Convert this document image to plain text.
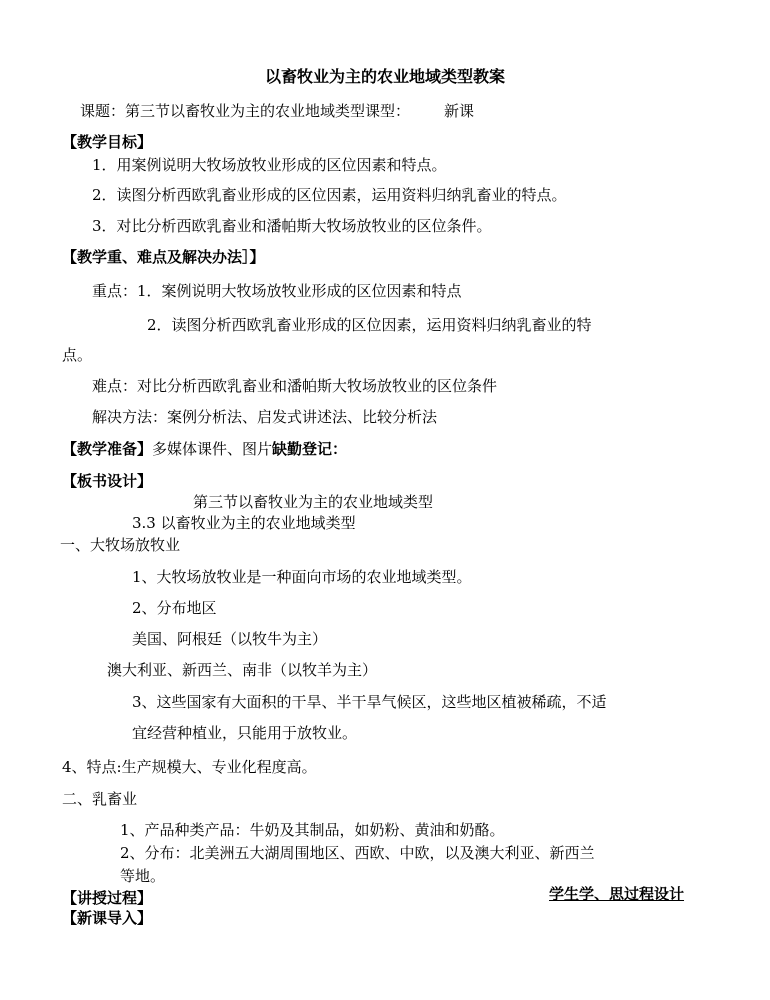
以畜牧业为主的农业地域类型教案
课题：第三节以畜牧业为主的农业地域类型课型： 新课
【教学目标】
1．用案例说明大牧场放牧业形成的区位因素和特点。
2．读图分析西欧乳畜业形成的区位因素，运用资料归纳乳畜业的特点。
3．对比分析西欧乳畜业和潘帕斯大牧场放牧业的区位条件。
【教学重、难点及解决办法］】
重点：1．案例说明大牧场放牧业形成的区位因素和特点
2．读图分析西欧乳畜业形成的区位因素，运用资料归纳乳畜业的特
点。
难点：对比分析西欧乳畜业和潘帕斯大牧场放牧业的区位条件
解决方法：案例分析法、启发式讲述法、比较分析法
【教学准备】多媒体课件、图片缺勤登记：
【板书设计】
第三节以畜牧业为主的农业地域类型
3.3 以畜牧业为主的农业地域类型
一、大牧场放牧业
1、大牧场放牧业是一种面向市场的农业地域类型。
2、分布地区
美国、阿根廷（以牧牛为主）
澳大利亚、新西兰、南非（以牧羊为主）
3、这些国家有大面积的干旱、半干旱气候区，这些地区植被稀疏，不适
宜经营种植业，只能用于放牧业。
4、特点:生产规模大、专业化程度高。
二、乳畜业
1、产品种类产品：牛奶及其制品，如奶粉、黄油和奶酪。
2、分布：北美洲五大湖周围地区、西欧、中欧，以及澳大利亚、新西兰
等地。
【讲授过程】	学生学、思过程设计
【新课导入】
